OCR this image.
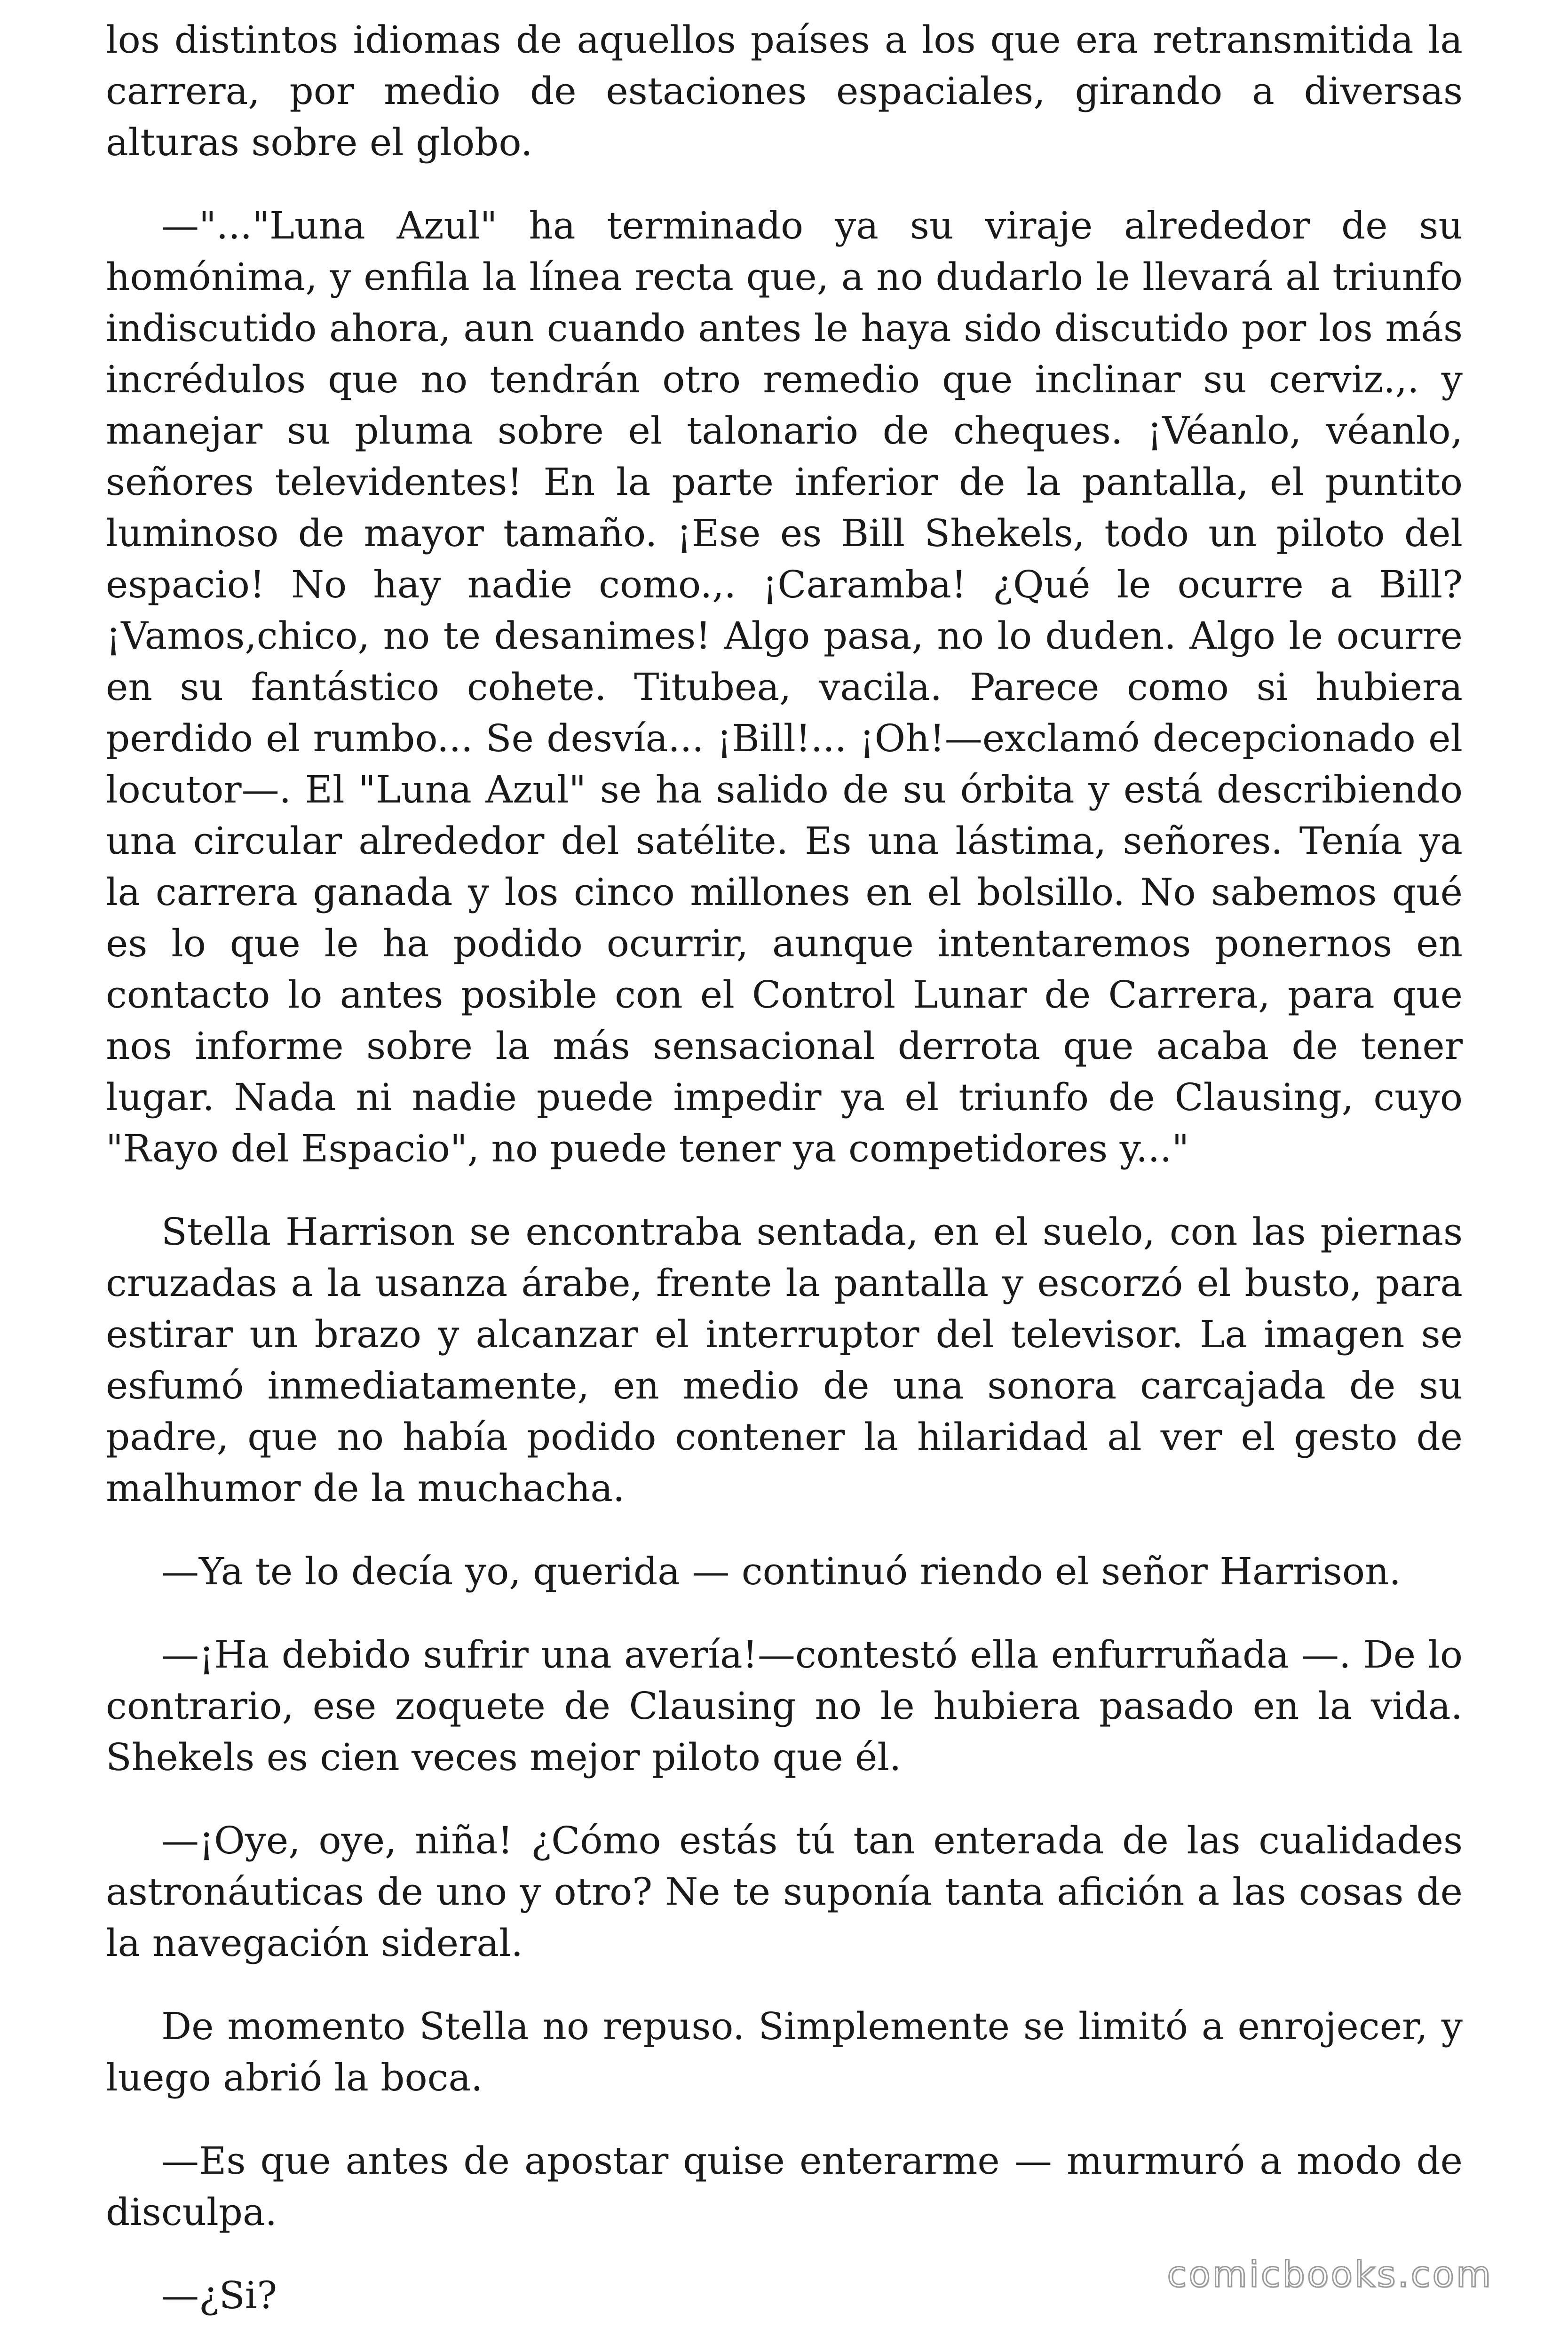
los distintos idiomas de aquellos países a los que era retransmitida la carrera, por medio de estaciones espaciales, girando a diversas alturas sobre el globo.

—"..."Luna Azul" ha terminado ya su viraje alrededor de su homónima, y enfila la línea recta que, a no dudarlo le llevará al triunfo indiscutido ahora, aun cuando antes le haya sido discutido por los más incrédulos que no tendrán otro remedio que inclinar su cerviz.,. y manejar su pluma sobre el talonario de cheques. ¡Véanlo, véanlo, señores televidentes! En la parte inferior de la pantalla, el puntito luminoso de mayor tamaño. ¡Ese es Bill Shekels, todo un piloto del espacio! No hay nadie como.,. ¡Caramba! ¿Qué le ocurre a Bill? ¡Vamos,chico, no te desanimes! Algo pasa, no lo duden. Algo le ocurre en su fantástico cohete. Titubea, vacila. Parece como si hubiera perdido el rumbo... Se desvía... ¡Bill!... ¡Oh!—exclamó decepcionado el locutor—. El "Luna Azul" se ha salido de su órbita y está describiendo una circular alrededor del satélite. Es una lástima, señores. Tenía ya la carrera ganada y los cinco millones en el bolsillo. No sabemos qué es lo que le ha podido ocurrir, aunque intentaremos ponernos en contacto lo antes posible con el Control Lunar de Carrera, para que nos informe sobre la más sensacional derrota que acaba de tener lugar. Nada ni nadie puede impedir ya el triunfo de Clausing, cuyo "Rayo del Espacio", no puede tener ya competidores y..."

Stella Harrison se encontraba sentada, en el suelo, con las piernas cruzadas a la usanza árabe, frente la pantalla y escorzó el busto, para estirar un brazo y alcanzar el interruptor del televisor. La imagen se esfumó inmediatamente, en medio de una sonora carcajada de su padre, que no había podido contener la hilaridad al ver el gesto de malhumor de la muchacha.

—Ya te lo decía yo, querida — continuó riendo el señor Harrison.

—¡Ha debido sufrir una avería!—contestó ella enfurruñada —. De lo contrario, ese zoquete de Clausing no le hubiera pasado en la vida. Shekels es cien veces mejor piloto que él.

—¡Oye, oye, niña! ¿Cómo estás tú tan enterada de las cualidades astronáuticas de uno y otro? Ne te suponía tanta afición a las cosas de la navegación sideral.

De momento Stella no repuso. Simplemente se limitó a enrojecer, y luego abrió la boca.

—Es que antes de apostar quise enterarme — murmuró a modo de disculpa.

—¿Si?	comicbooks.com
